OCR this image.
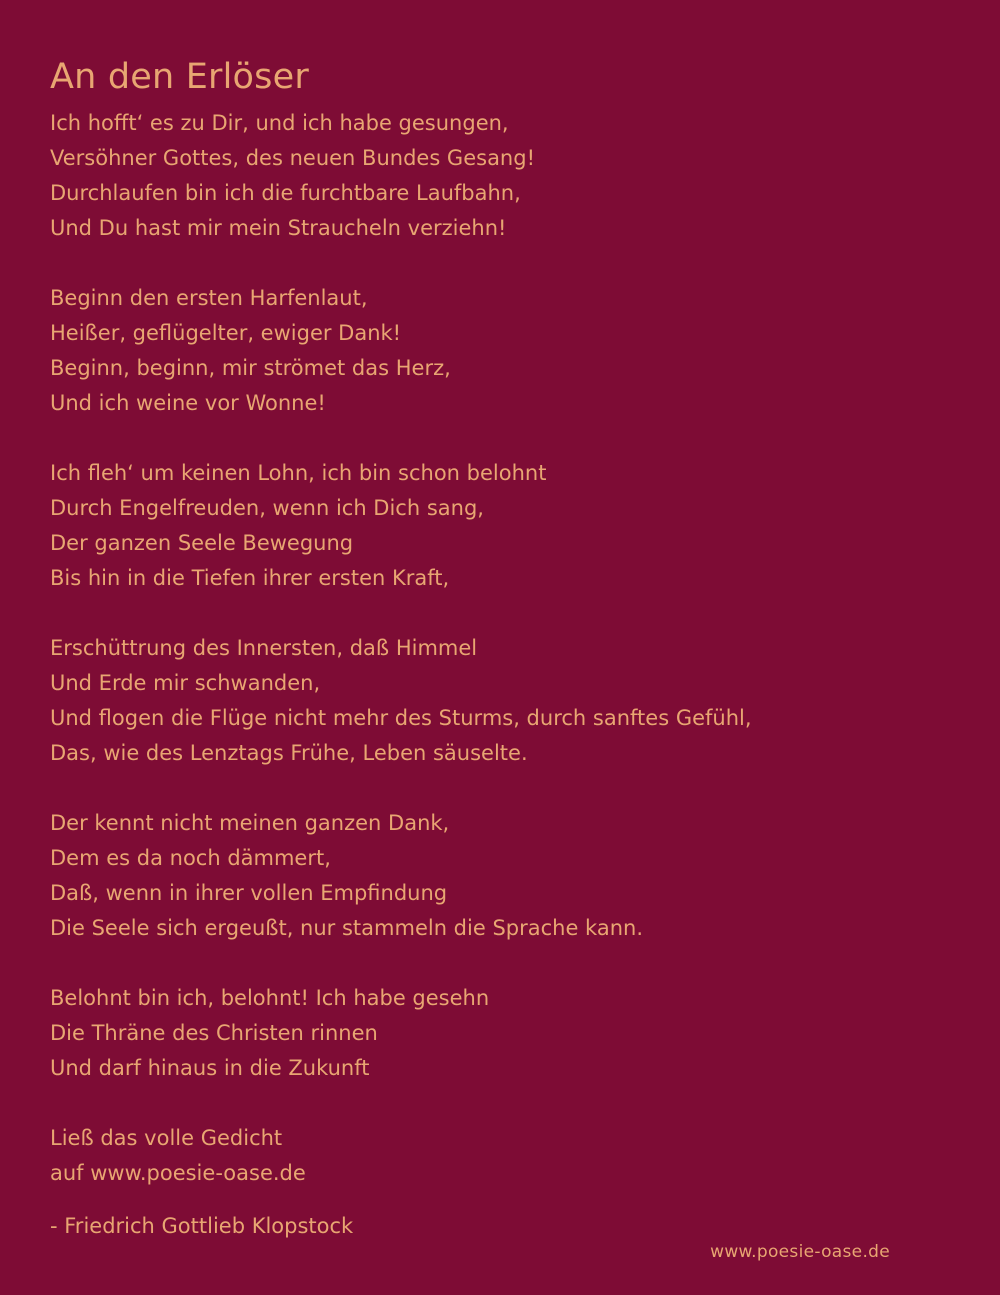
An den Erlöser
Ich hofft‘ es zu Dir, und ich habe gesungen,
Versöhner Gottes, des neuen Bundes Gesang!
Durchlaufen bin ich die furchtbare Laufbahn,
Und Du hast mir mein Straucheln verziehn!
Beginn den ersten Harfenlaut,
Heißer, geflügelter, ewiger Dank!
Beginn, beginn, mir strömet das Herz,
Und ich weine vor Wonne!
Ich fleh‘ um keinen Lohn, ich bin schon belohnt
Durch Engelfreuden, wenn ich Dich sang,
Der ganzen Seele Bewegung
Bis hin in die Tiefen ihrer ersten Kraft,
Erschüttrung des Innersten, daß Himmel
Und Erde mir schwanden,
Und flogen die Flüge nicht mehr des Sturms, durch sanftes Gefühl,
Das, wie des Lenztags Frühe, Leben säuselte.
Der kennt nicht meinen ganzen Dank,
Dem es da noch dämmert,
Daß, wenn in ihrer vollen Empfindung
Die Seele sich ergeußt, nur stammeln die Sprache kann.
Belohnt bin ich, belohnt! Ich habe gesehn
Die Thräne des Christen rinnen
Und darf hinaus in die Zukunft
Ließ das volle Gedicht
auf www.poesie-oase.de
- Friedrich Gottlieb Klopstock
www.poesie-oase.de
